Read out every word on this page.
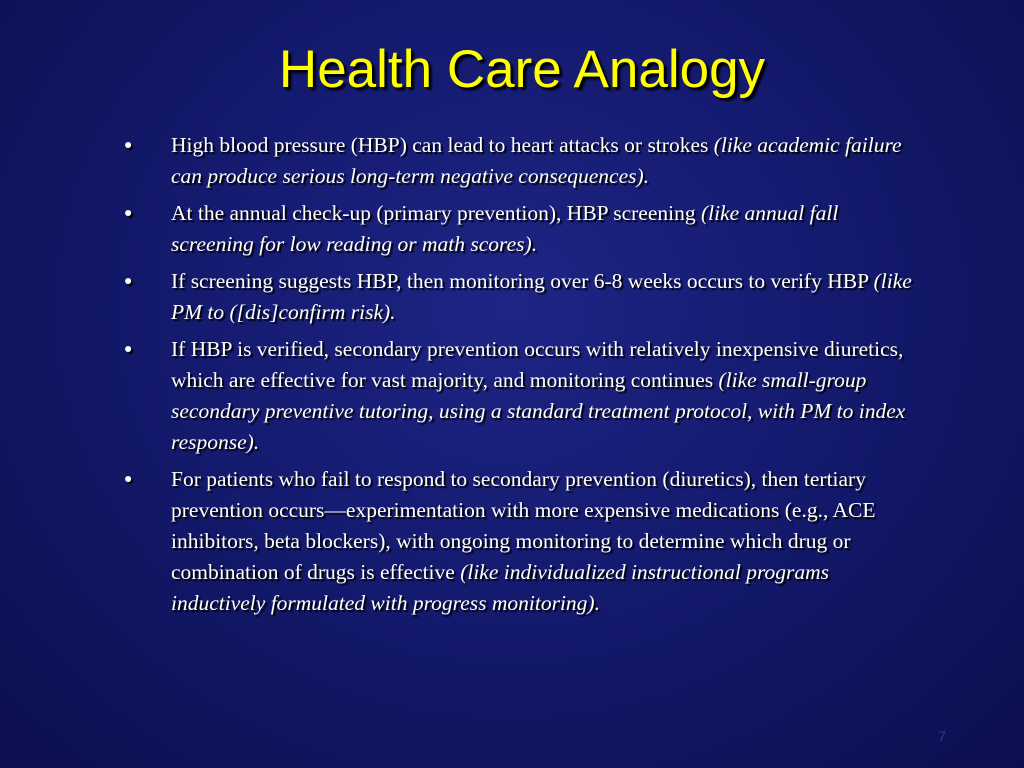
Health Care Analogy
● High blood pressure (HBP) can lead to heart attacks or strokes (like academic failure can produce serious long-term negative consequences).
● At the annual check-up (primary prevention), HBP screening (like annual fall screening for low reading or math scores).
● If screening suggests HBP, then monitoring over 6-8 weeks occurs to verify HBP (like PM to ([dis]confirm risk).
● If HBP is verified, secondary prevention occurs with relatively inexpensive diuretics, which are effective for vast majority, and monitoring continues (like small-group secondary preventive tutoring, using a standard treatment protocol, with PM to index response).
● For patients who fail to respond to secondary prevention (diuretics), then tertiary prevention occurs—experimentation with more expensive medications (e.g., ACE inhibitors, beta blockers), with ongoing monitoring to determine which drug or combination of drugs is effective (like individualized instructional programs inductively formulated with progress monitoring).
7
